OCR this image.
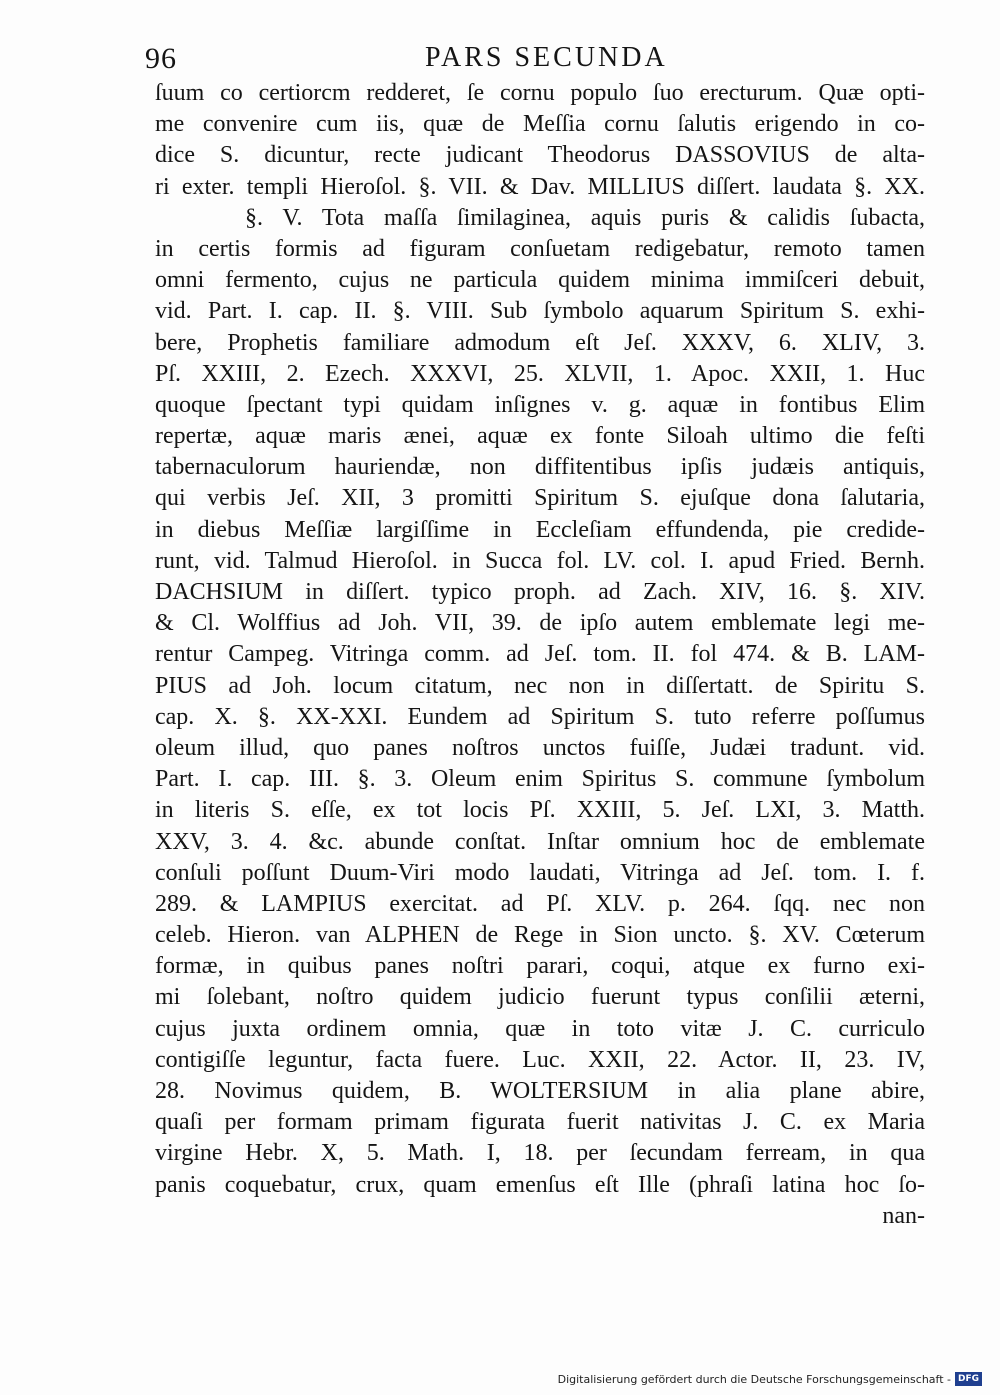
96	PARS SECUNDA
ſuum co certiorcm redderet, ſe cornu populo ſuo erecturum. Quæ opti-
me convenire cum iis, quæ de Meſſia cornu ſalutis erigendo in co-
dice S. dicuntur, recte judicant Theodorus DASSOVIUS de alta-
ri exter. templi Hieroſol. §. VII. & Dav. MILLIUS diſſert. laudata §. XX.
§. V. Tota maſſa ſimilaginea, aquis puris & calidis ſubacta,
in certis formis ad figuram conſuetam redigebatur, remoto tamen
omni fermento, cujus ne particula quidem minima immiſceri debuit,
vid. Part. I. cap. II. §. VIII. Sub ſymbolo aquarum Spiritum S. exhi-
bere, Prophetis familiare admodum eſt Jeſ. XXXV, 6. XLIV, 3.
Pſ. XXIII, 2. Ezech. XXXVI, 25. XLVII, 1. Apoc. XXII, 1. Huc
quoque ſpectant typi quidam inſignes v. g. aquæ in fontibus Elim
repertæ, aquæ maris ænei, aquæ ex fonte Siloah ultimo die feſti
tabernaculorum hauriendæ, non diffitentibus ipſis judæis antiquis,
qui verbis Jeſ. XII, 3 promitti Spiritum S. ejuſque dona ſalutaria,
in diebus Meſſiæ largiſſime in Eccleſiam effundenda, pie credide-
runt, vid. Talmud Hieroſol. in Succa fol. LV. col. I. apud Fried. Bernh.
DACHSIUM in diſſert. typico proph. ad Zach. XIV, 16. §. XIV.
& Cl. Wolffius ad Joh. VII, 39. de ipſo autem emblemate legi me-
rentur Campeg. Vitringa comm. ad Jeſ. tom. II. fol 474. & B. LAM-
PIUS ad Joh. locum citatum, nec non in diſſertatt. de Spiritu S.
cap. X. §. XX-XXI. Eundem ad Spiritum S. tuto referre poſſumus
oleum illud, quo panes noſtros unctos fuiſſe, Judæi tradunt. vid.
Part. I. cap. III. §. 3. Oleum enim Spiritus S. commune ſymbolum
in literis S. eſſe, ex tot locis Pſ. XXIII, 5. Jeſ. LXI, 3. Matth.
XXV, 3. 4. &c. abunde conſtat. Inſtar omnium hoc de emblemate
conſuli poſſunt Duum-Viri modo laudati, Vitringa ad Jeſ. tom. I. f.
289. & LAMPIUS exercitat. ad Pſ. XLV. p. 264. ſqq. nec non
celeb. Hieron. van ALPHEN de Rege in Sion uncto. §. XV. Cœterum
formæ, in quibus panes noſtri parari, coqui, atque ex furno exi-
mi ſolebant, noſtro quidem judicio fuerunt typus conſilii æterni,
cujus juxta ordinem omnia, quæ in toto vitæ J. C. curriculo
contigiſſe leguntur, facta fuere. Luc. XXII, 22. Actor. II, 23. IV,
28. Novimus quidem, B. WOLTERSIUM in alia plane abire,
quaſi per formam primam figurata fuerit nativitas J. C. ex Maria
virgine Hebr. X, 5. Math. I, 18. per ſecundam ferream, in qua
panis coquebatur, crux, quam emenſus eſt Ille (phraſi latina hoc ſo-
nan-
Digitalisierung gefördert durch die Deutsche Forschungsgemeinschaft - DFG
